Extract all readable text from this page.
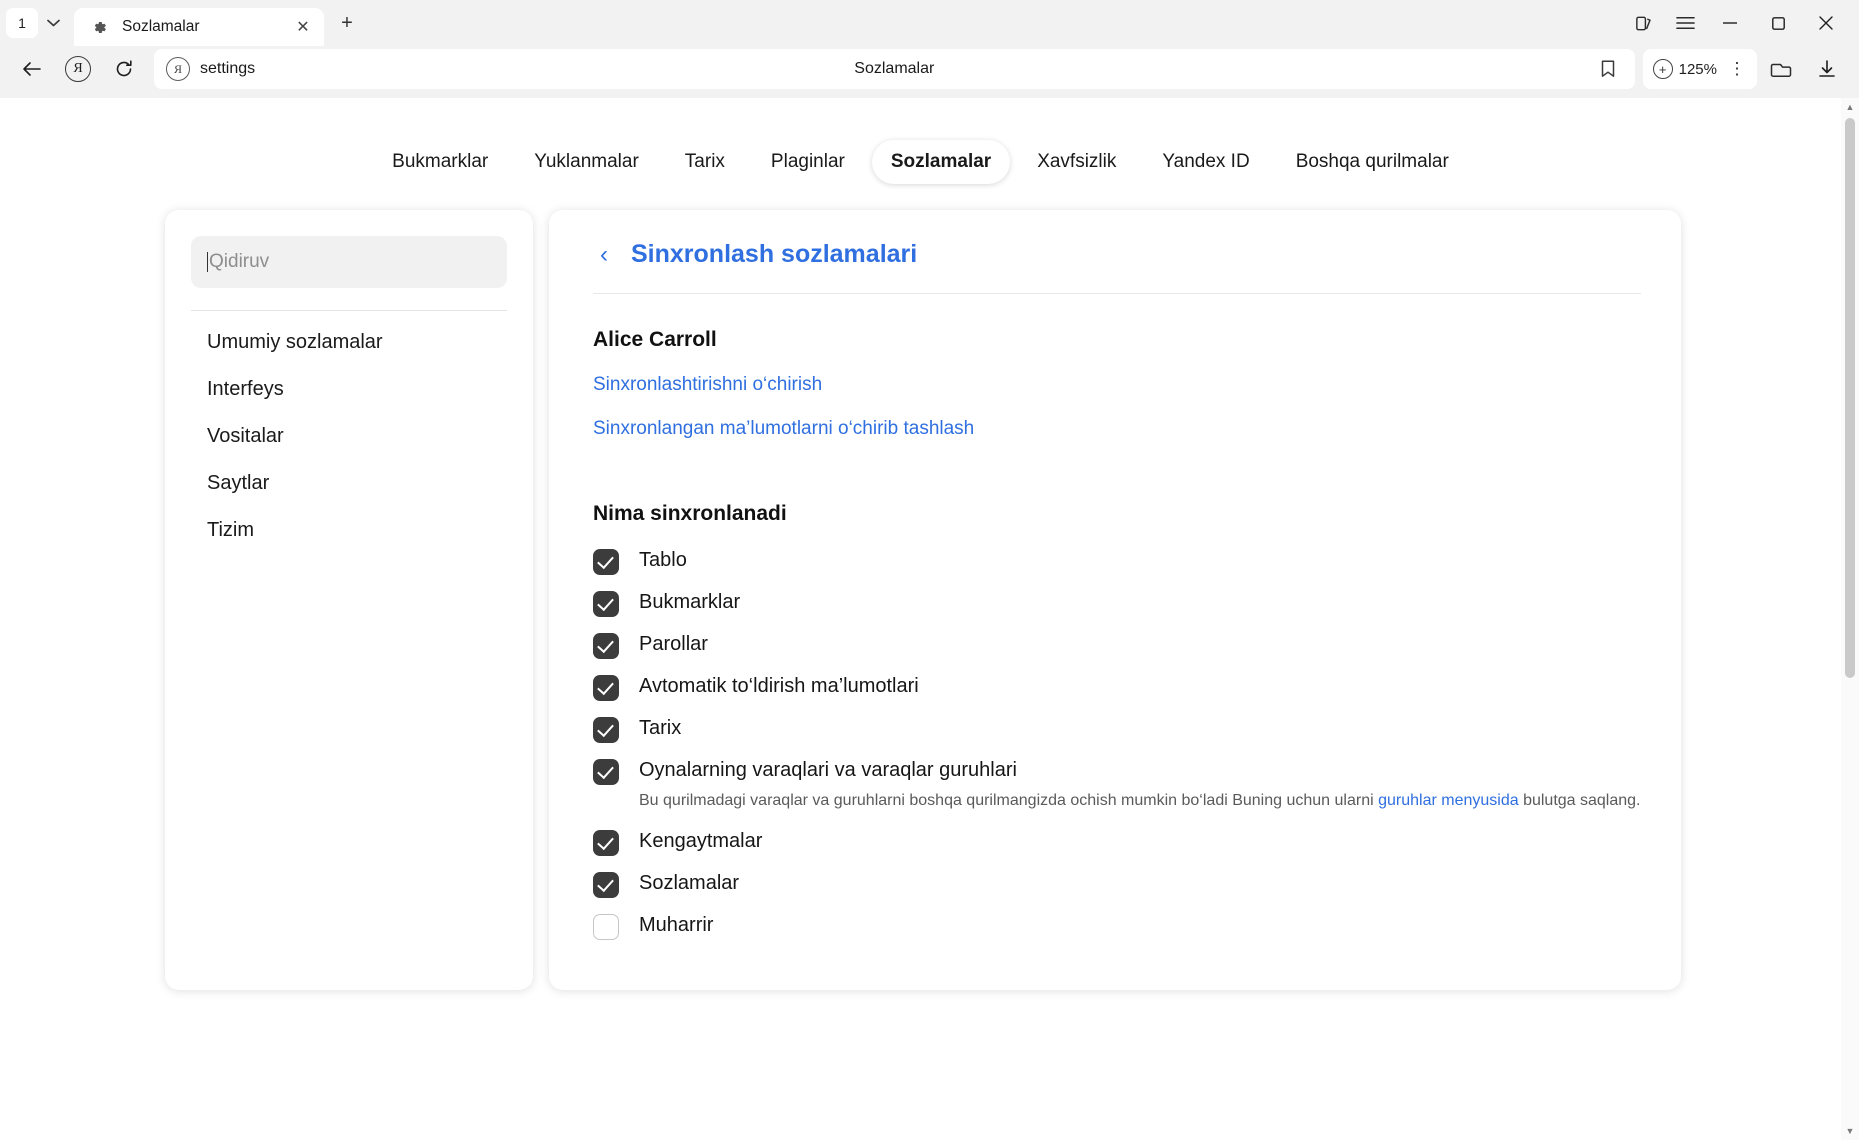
1	Sozlamalar	✕	+
Я	Я	settings	Sozlamalar	+ 125% ⋮
Bukmarklar	Yuklanmalar	Tarix	Plaginlar	Sozlamalar	Xavfsizlik	Yandex ID	Boshqa qurilmalar
Qidiruv
Umumiy sozlamalar
Interfeys
Vositalar
Saytlar
Tizim
‹ Sinxronlash sozlamalari
Alice Carroll
Sinxronlashtirishni o‘chirish
Sinxronlangan ma’lumotlarni o‘chirib tashlash
Nima sinxronlanadi
Tablo
Bukmarklar
Parollar
Avtomatik to‘ldirish ma’lumotlari
Tarix
Oynalarning varaqlari va varaqlar guruhlari
Bu qurilmadagi varaqlar va guruhlarni boshqa qurilmangizda ochish mumkin bo‘ladi Buning uchun ularni guruhlar menyusida bulutga saqlang.
Kengaytmalar
Sozlamalar
Muharrir
▲
▼
